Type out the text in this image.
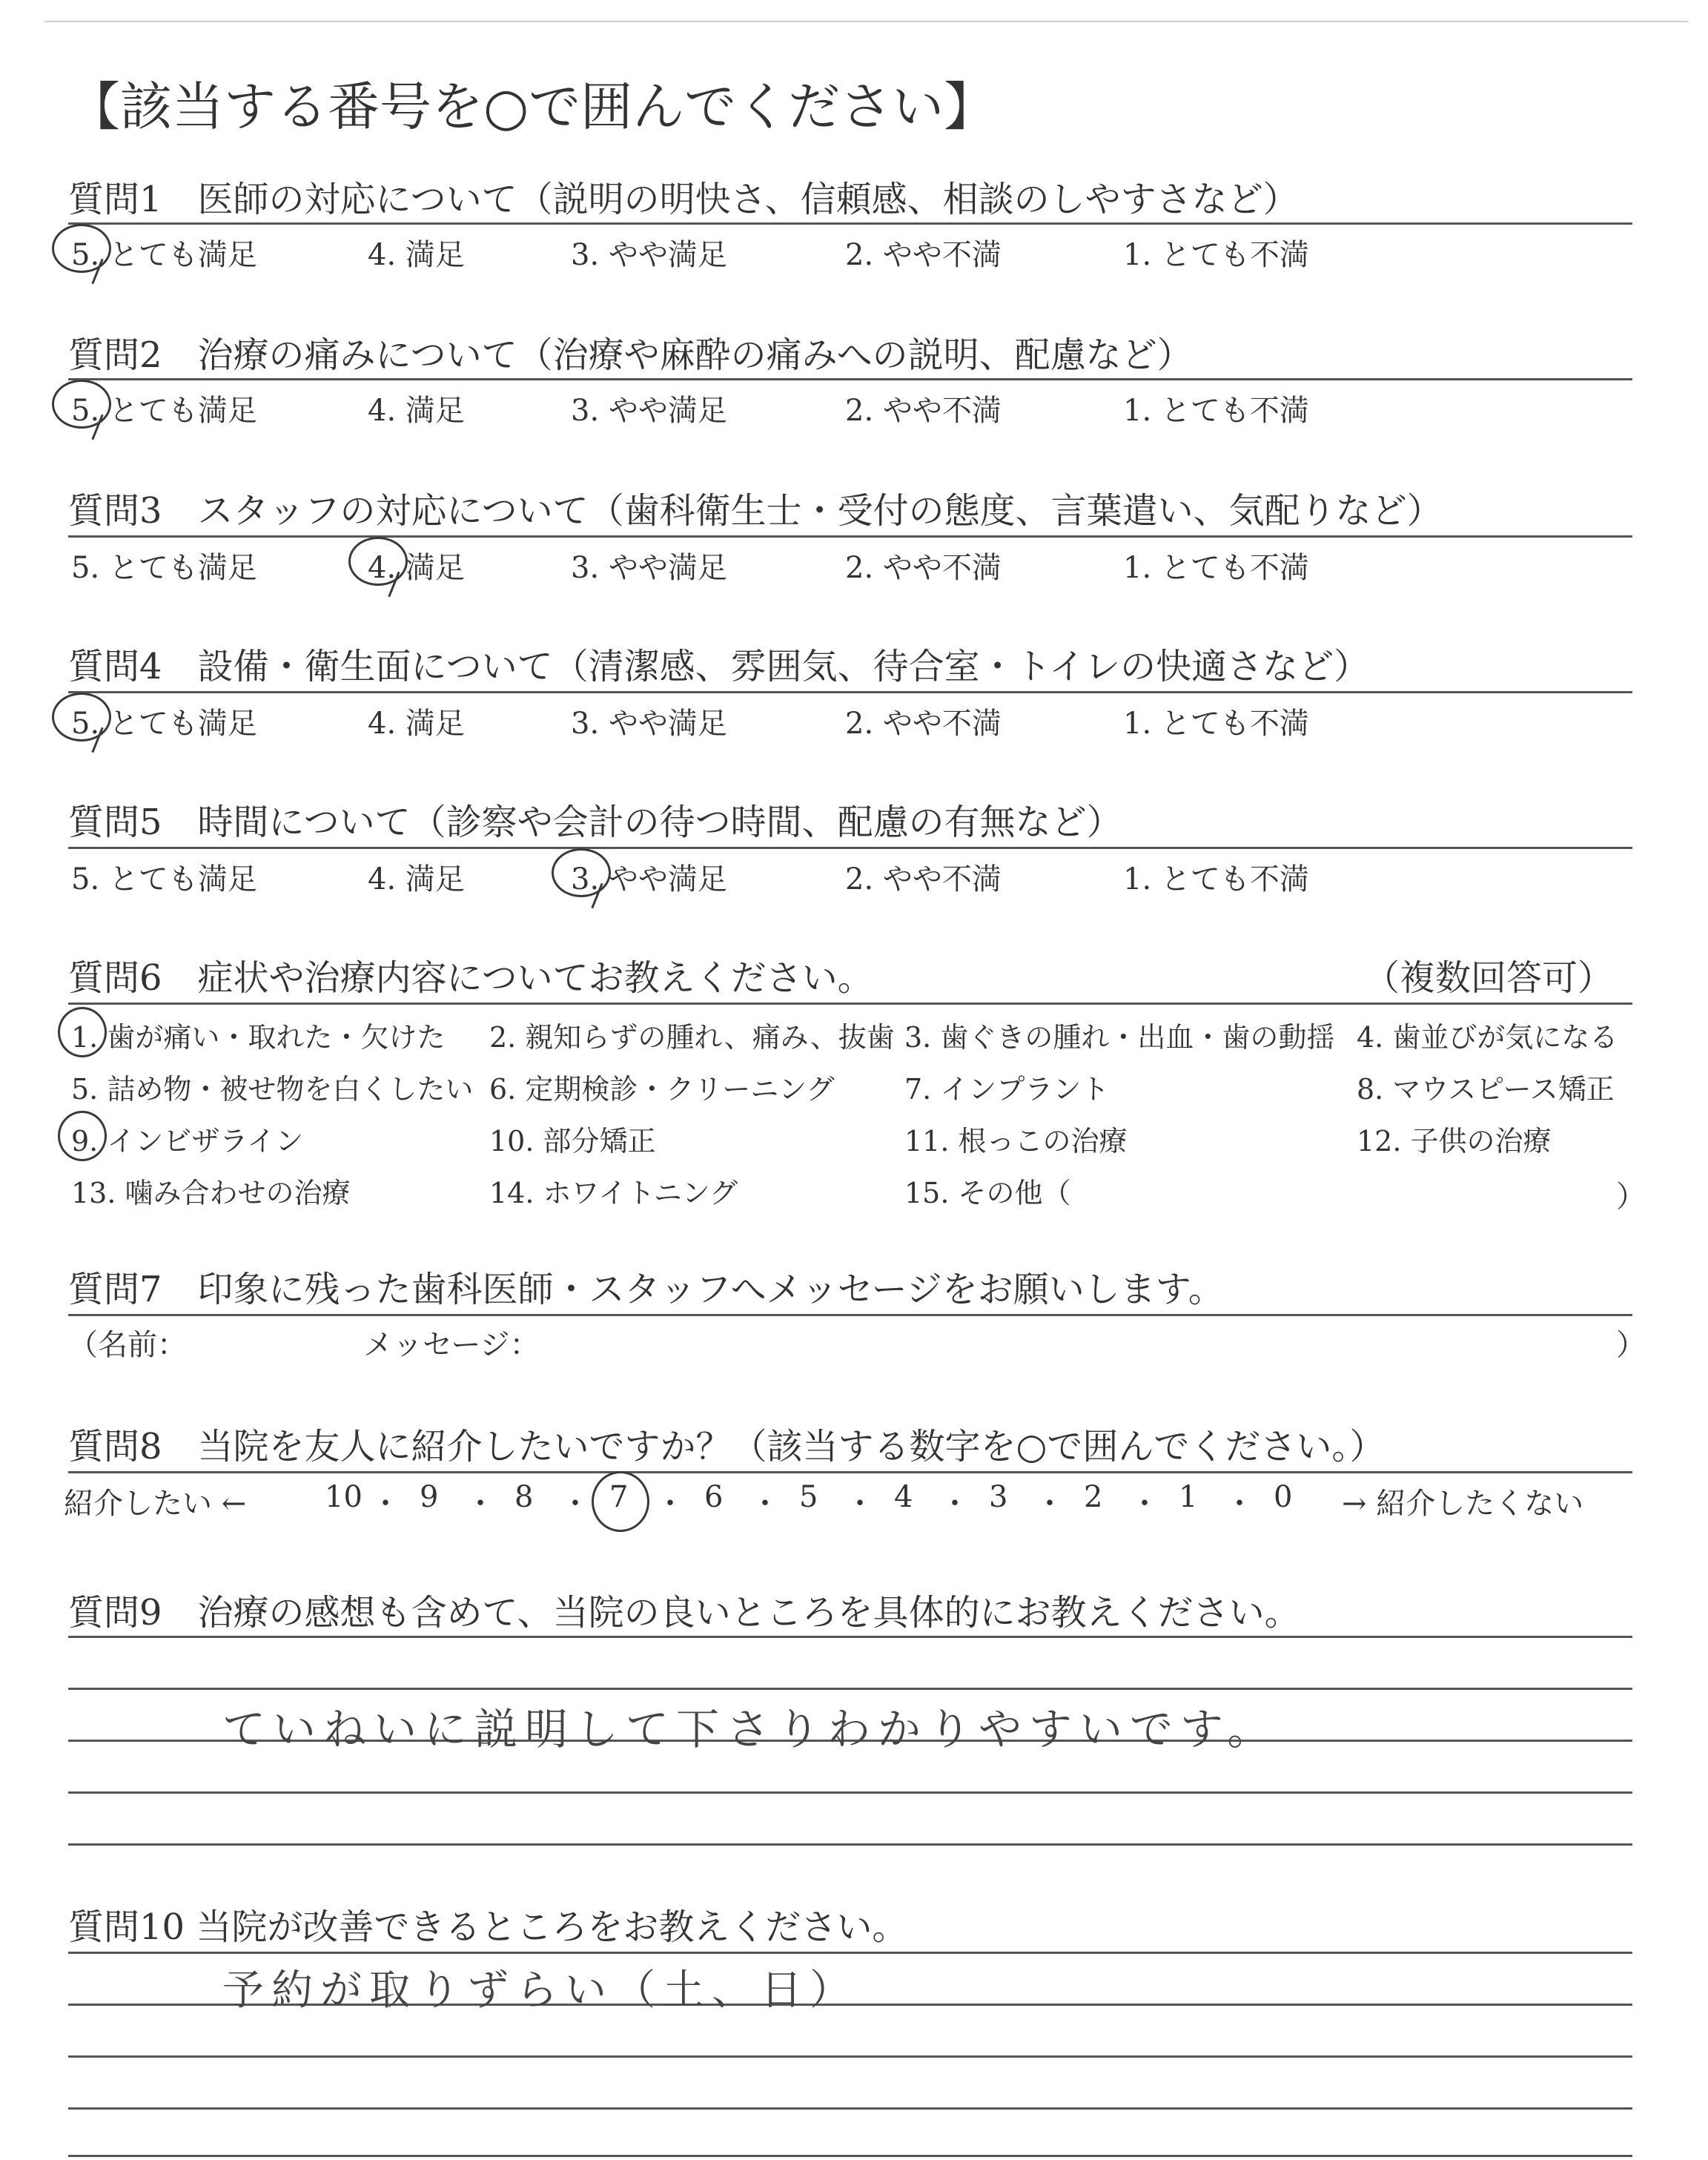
【該当する番号を○で囲んでください】
質問1　医師の対応について（説明の明快さ、信頼感、相談のしやすさなど）
5. とても満足	4. 満足	3. やや満足	2. やや不満	1. とても不満
質問2　治療の痛みについて（治療や麻酔の痛みへの説明、配慮など）
5. とても満足	4. 満足	3. やや満足	2. やや不満	1. とても不満
質問3　スタッフの対応について（歯科衛生士・受付の態度、言葉遣い、気配りなど）
5. とても満足	4. 満足	3. やや満足	2. やや不満	1. とても不満
質問4　設備・衛生面について（清潔感、雰囲気、待合室・トイレの快適さなど）
5. とても満足	4. 満足	3. やや満足	2. やや不満	1. とても不満
質問5　時間について（診察や会計の待つ時間、配慮の有無など）
5. とても満足	4. 満足	3. やや満足	2. やや不満	1. とても不満
質問6　症状や治療内容についてお教えください。	（複数回答可）
1. 歯が痛い・取れた・欠けた 2. 親知らずの腫れ、痛み、抜歯 3. 歯ぐきの腫れ・出血・歯の動揺 4. 歯並びが気になる
5. 詰め物・被せ物を白くしたい 6. 定期検診・クリーニング 7. インプラント	8. マウスピース矯正
9. インビザライン	10. 部分矯正	11. 根っこの治療	12. 子供の治療
13. 噛み合わせの治療	14. ホワイトニング	15. その他（	）
質問7　印象に残った歯科医師・スタッフへメッセージをお願いします。
（名前：	メッセージ：	）
質問8　当院を友人に紹介したいですか？（該当する数字を○で囲んでください。）
紹介したい ←	→ 紹介したくない
10 ・ 9 ・ 8 ・ 7 ・ 6 ・ 5 ・ 4 ・ 3 ・ 2 ・ 1 ・ 0
質問9　治療の感想も含めて、当院の良いところを具体的にお教えください。
ていねいに説明して下さりわかりやすいです。
質問10 当院が改善できるところをお教えください。
予約が取りずらい（土、日）
